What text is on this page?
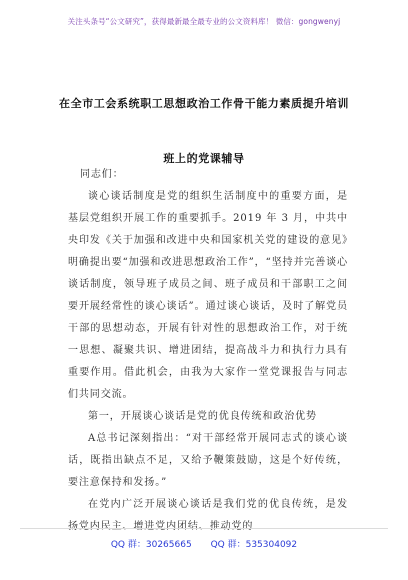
关注头条号“公文研究”，获得最新最全最专业的公文资料库！ 微信：gongwenyj
在全市工会系统职工思想政治工作骨干能力素质提升培训
班上的党课辅导

同志们：

谈心谈话制度是党的组织生活制度中的重要方面，是基层党组织开展工作的重要抓手。2019 年 3 月，中共中央印发《关于加强和改进中央和国家机关党的建设的意见》明确提出要“加强和改进思想政治工作”，“坚持并完善谈心谈话制度，领导班子成员之间、班子成员和干部职工之间要开展经常性的谈心谈话”。通过谈心谈话，及时了解党员干部的思想动态，开展有针对性的思想政治工作，对于统一思想、凝聚共识、增进团结，提高战斗力和执行力具有重要作用。借此机会，由我为大家作一堂党课报告与同志们共同交流。

第一，开展谈心谈话是党的优良传统和政治优势

A总书记深刻指出：“对干部经常开展同志式的谈心谈话，既指出缺点不足，又给予鞭策鼓励，这是个好传统，要注意保持和发扬。”

在党内广泛开展谈心谈话是我们党的优良传统，是发扬党内民主、增进党内团结、推动党的

QQ 群：30265665 QQ 群：535304092
